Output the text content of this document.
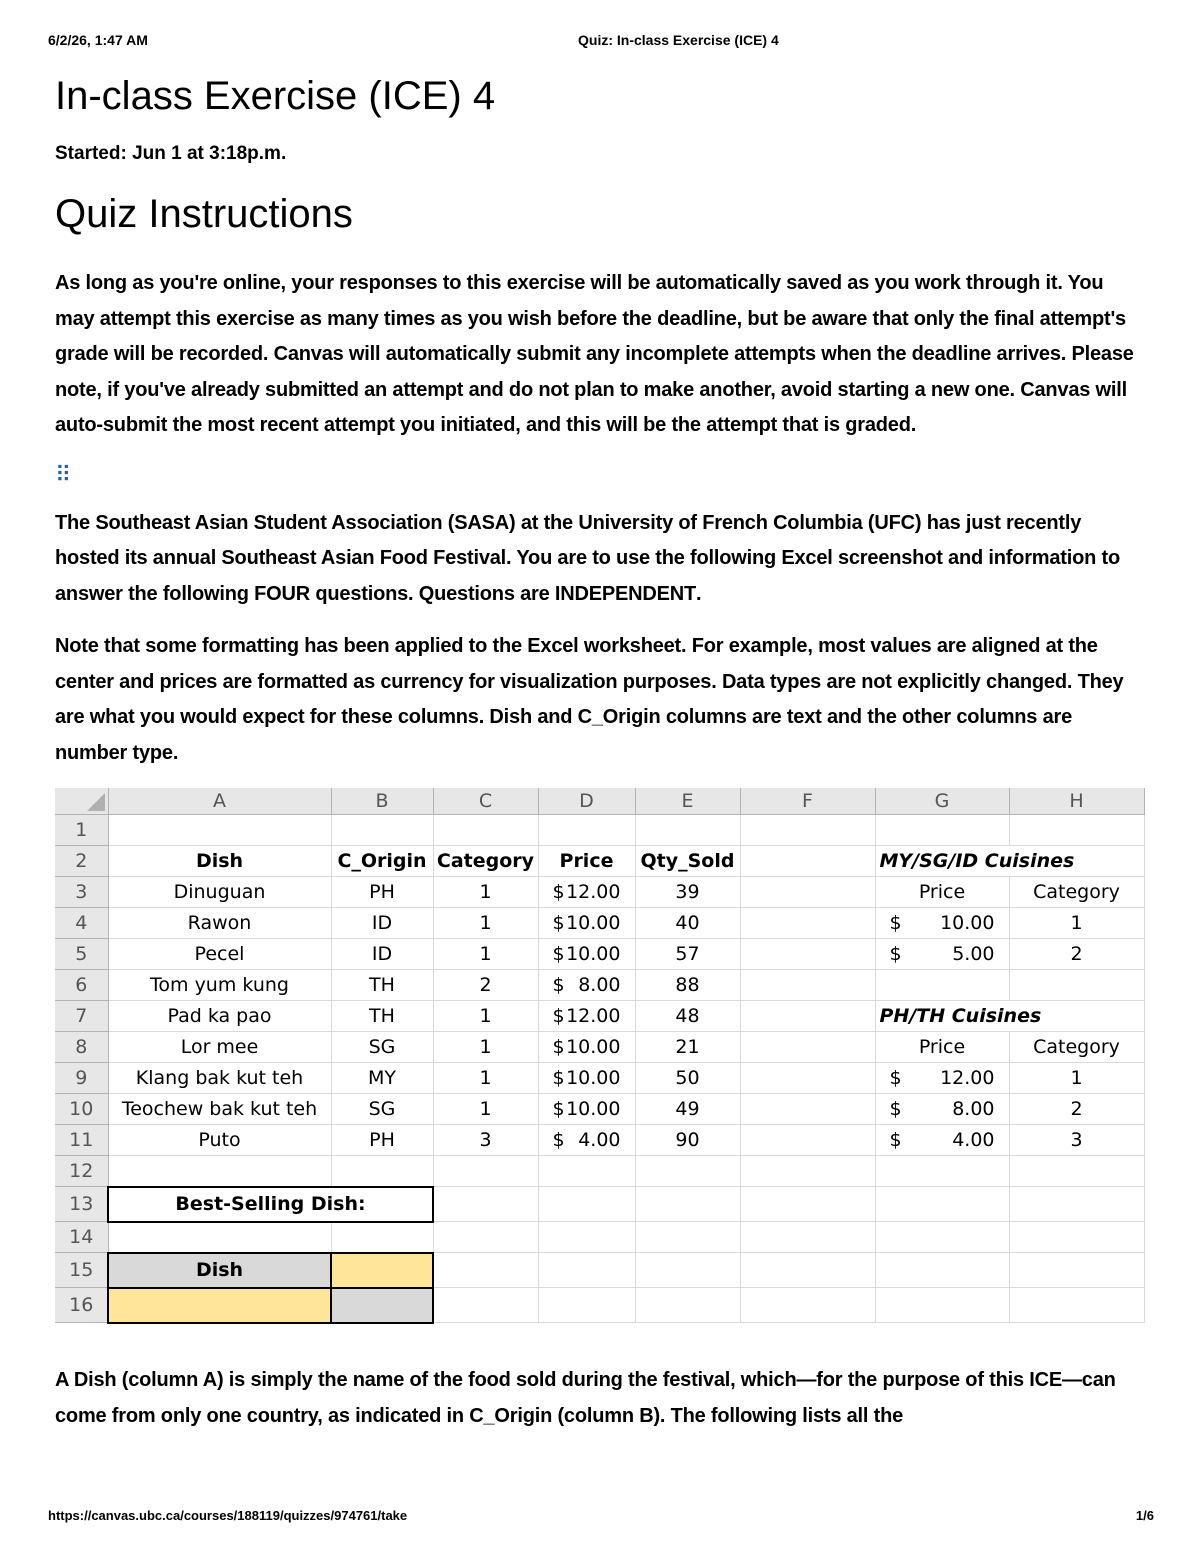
6/2/26, 1:47 AM	Quiz: In-class Exercise (ICE) 4
In-class Exercise (ICE) 4
Started: Jun 1 at 3:18p.m.
Quiz Instructions

As long as you're online, your responses to this exercise will be automatically saved as you work through it. You may attempt this exercise as many times as you wish before the deadline, but be aware that only the final attempt's grade will be recorded. Canvas will automatically submit any incomplete attempts when the deadline arrives. Please note, if you've already submitted an attempt and do not plan to make another, avoid starting a new one. Canvas will auto-submit the most recent attempt you initiated, and this will be the attempt that is graded.

⠿

The Southeast Asian Student Association (SASA) at the University of French Columbia (UFC) has just recently hosted its annual Southeast Asian Food Festival. You are to use the following Excel screenshot and information to answer the following FOUR questions. Questions are INDEPENDENT.

Note that some formatting has been applied to the Excel worksheet. For example, most values are aligned at the center and prices are formatted as currency for visualization purposes. Data types are not explicitly changed. They are what you would expect for these columns. Dish and C_Origin columns are text and the other columns are number type.

	A	B	C	D	E	F	G	H
1								
2	Dish	C_Origin	Category	Price	Qty_Sold		MY/SG/ID Cuisines	
3	Dinuguan	PH	1	$ 12.00	39		Price	Category
4	Rawon	ID	1	$ 10.00	40		$ 10.00	1
5	Pecel	ID	1	$ 10.00	57		$ 5.00	2
6	Tom yum kung	TH	2	$ 8.00	88			
7	Pad ka pao	TH	1	$ 12.00	48		PH/TH Cuisines	
8	Lor mee	SG	1	$ 10.00	21		Price	Category
9	Klang bak kut teh	MY	1	$ 10.00	50		$ 12.00	1
10	Teochew bak kut teh	SG	1	$ 10.00	49		$ 8.00	2
11	Puto	PH	3	$ 4.00	90		$ 4.00	3
12								
13	Best-Selling Dish:							
14								
15	Dish							
16								

A Dish (column A) is simply the name of the food sold during the festival, which—for the purpose of this ICE—can come from only one country, as indicated in C_Origin (column B). The following lists all the

https://canvas.ubc.ca/courses/188119/quizzes/974761/take	1/6
